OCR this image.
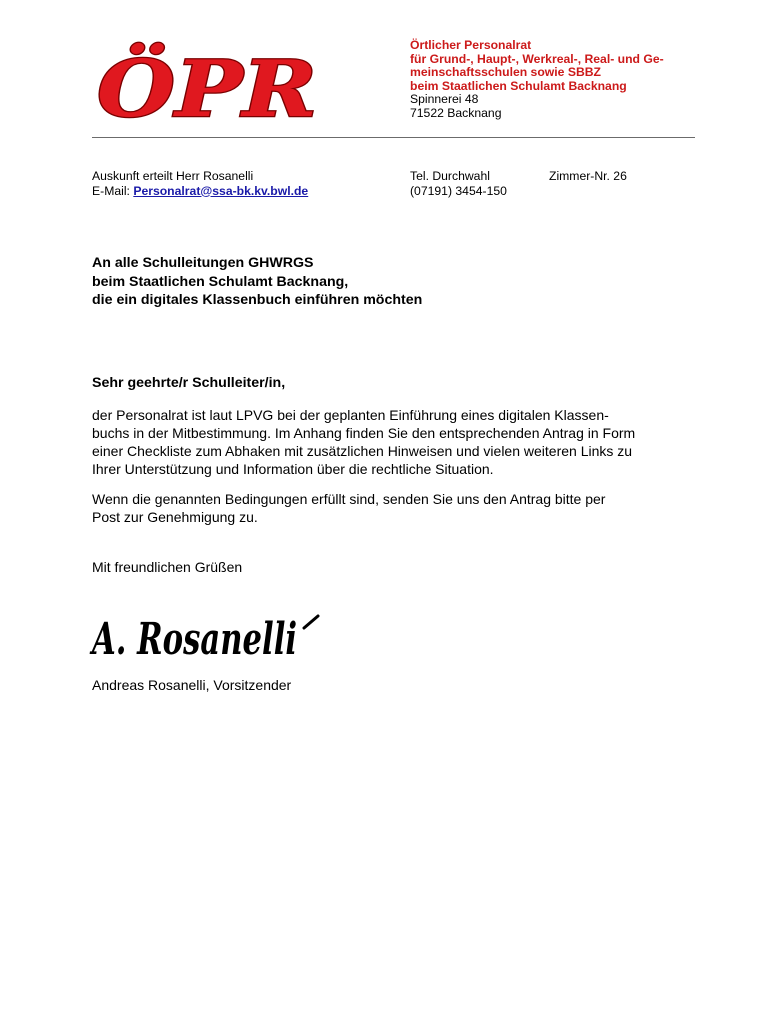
ÖPR	Örtlicher Personalrat
für Grund-, Haupt-, Werkreal-, Real- und Ge-
meinschaftsschulen sowie SBBZ
beim Staatlichen Schulamt Backnang
Spinnerei 48
71522 Backnang
Auskunft erteilt Herr Rosanelli
E-Mail: Personalrat@ssa-bk.kv.bwl.de
Tel. Durchwahl
(07191) 3454-150
Zimmer-Nr. 26
An alle Schulleitungen GHWRGS
beim Staatlichen Schulamt Backnang,
die ein digitales Klassenbuch einführen möchten
Sehr geehrte/r Schulleiter/in,
der Personalrat ist laut LPVG bei der geplanten Einführung eines digitalen Klassen-
buchs in der Mitbestimmung. Im Anhang finden Sie den entsprechenden Antrag in Form
einer Checkliste zum Abhaken mit zusätzlichen Hinweisen und vielen weiteren Links zu
Ihrer Unterstützung und Information über die rechtliche Situation.
Wenn die genannten Bedingungen erfüllt sind, senden Sie uns den Antrag bitte per
Post zur Genehmigung zu.
Mit freundlichen Grüßen
A. Rosanelli
Andreas Rosanelli, Vorsitzender
